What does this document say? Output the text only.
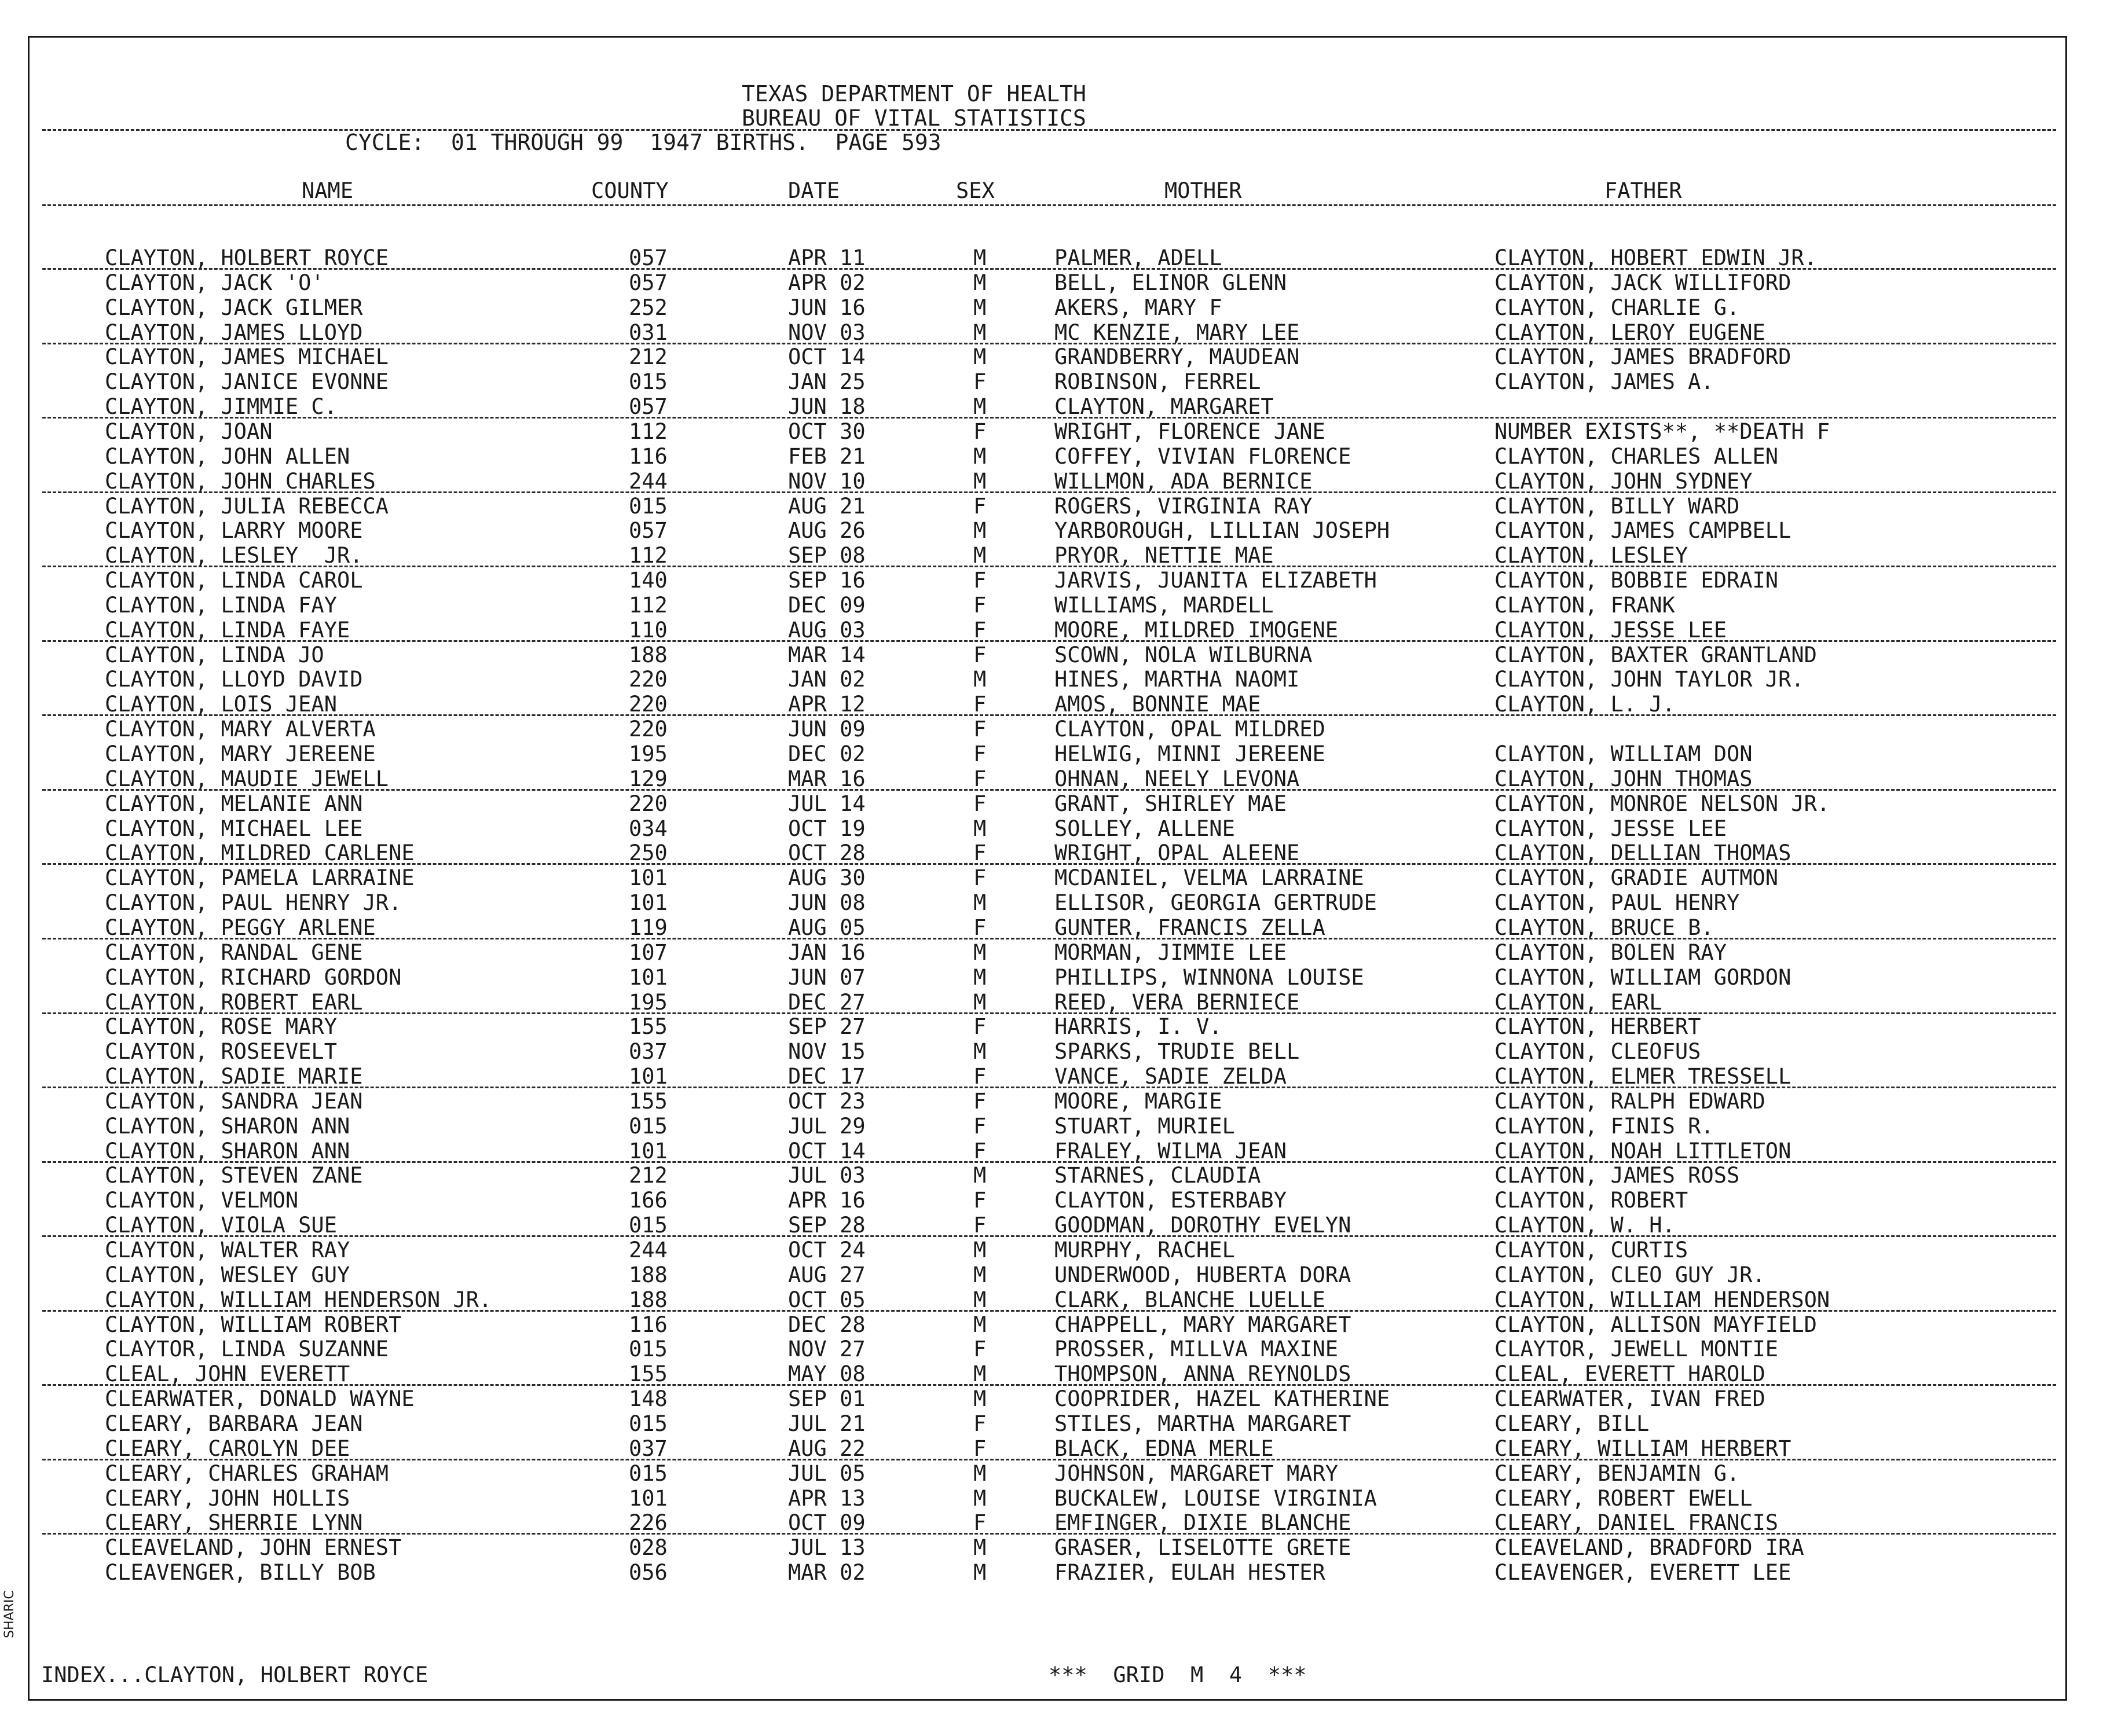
TEXAS DEPARTMENT OF HEALTH
BUREAU OF VITAL STATISTICS
CYCLE:  01 THROUGH 99  1947 BIRTHS.  PAGE 593
NAME	COUNTY	DATE	SEX	MOTHER	FATHER
CLAYTON, HOLBERT ROYCE	057	APR 11	M	PALMER, ADELL	CLAYTON, HOBERT EDWIN JR.
CLAYTON, JACK 'O'	057	APR 02	M	BELL, ELINOR GLENN	CLAYTON, JACK WILLIFORD
CLAYTON, JACK GILMER	252	JUN 16	M	AKERS, MARY F	CLAYTON, CHARLIE G.
CLAYTON, JAMES LLOYD	031	NOV 03	M	MC KENZIE, MARY LEE	CLAYTON, LEROY EUGENE
CLAYTON, JAMES MICHAEL	212	OCT 14	M	GRANDBERRY, MAUDEAN	CLAYTON, JAMES BRADFORD
CLAYTON, JANICE EVONNE	015	JAN 25	F	ROBINSON, FERREL	CLAYTON, JAMES A.
CLAYTON, JIMMIE C.	057	JUN 18	M	CLAYTON, MARGARET
CLAYTON, JOAN	112	OCT 30	F	WRIGHT, FLORENCE JANE	NUMBER EXISTS**, **DEATH F
CLAYTON, JOHN ALLEN	116	FEB 21	M	COFFEY, VIVIAN FLORENCE	CLAYTON, CHARLES ALLEN
CLAYTON, JOHN CHARLES	244	NOV 10	M	WILLMON, ADA BERNICE	CLAYTON, JOHN SYDNEY
CLAYTON, JULIA REBECCA	015	AUG 21	F	ROGERS, VIRGINIA RAY	CLAYTON, BILLY WARD
CLAYTON, LARRY MOORE	057	AUG 26	M	YARBOROUGH, LILLIAN JOSEPH	CLAYTON, JAMES CAMPBELL
CLAYTON, LESLEY  JR.	112	SEP 08	M	PRYOR, NETTIE MAE	CLAYTON, LESLEY
CLAYTON, LINDA CAROL	140	SEP 16	F	JARVIS, JUANITA ELIZABETH	CLAYTON, BOBBIE EDRAIN
CLAYTON, LINDA FAY	112	DEC 09	F	WILLIAMS, MARDELL	CLAYTON, FRANK
CLAYTON, LINDA FAYE	110	AUG 03	F	MOORE, MILDRED IMOGENE	CLAYTON, JESSE LEE
CLAYTON, LINDA JO	188	MAR 14	F	SCOWN, NOLA WILBURNA	CLAYTON, BAXTER GRANTLAND
CLAYTON, LLOYD DAVID	220	JAN 02	M	HINES, MARTHA NAOMI	CLAYTON, JOHN TAYLOR JR.
CLAYTON, LOIS JEAN	220	APR 12	F	AMOS, BONNIE MAE	CLAYTON, L. J.
CLAYTON, MARY ALVERTA	220	JUN 09	F	CLAYTON, OPAL MILDRED
CLAYTON, MARY JEREENE	195	DEC 02	F	HELWIG, MINNI JEREENE	CLAYTON, WILLIAM DON
CLAYTON, MAUDIE JEWELL	129	MAR 16	F	OHNAN, NEELY LEVONA	CLAYTON, JOHN THOMAS
CLAYTON, MELANIE ANN	220	JUL 14	F	GRANT, SHIRLEY MAE	CLAYTON, MONROE NELSON JR.
CLAYTON, MICHAEL LEE	034	OCT 19	M	SOLLEY, ALLENE	CLAYTON, JESSE LEE
CLAYTON, MILDRED CARLENE	250	OCT 28	F	WRIGHT, OPAL ALEENE	CLAYTON, DELLIAN THOMAS
CLAYTON, PAMELA LARRAINE	101	AUG 30	F	MCDANIEL, VELMA LARRAINE	CLAYTON, GRADIE AUTMON
CLAYTON, PAUL HENRY JR.	101	JUN 08	M	ELLISOR, GEORGIA GERTRUDE	CLAYTON, PAUL HENRY
CLAYTON, PEGGY ARLENE	119	AUG 05	F	GUNTER, FRANCIS ZELLA	CLAYTON, BRUCE B.
CLAYTON, RANDAL GENE	107	JAN 16	M	MORMAN, JIMMIE LEE	CLAYTON, BOLEN RAY
CLAYTON, RICHARD GORDON	101	JUN 07	M	PHILLIPS, WINNONA LOUISE	CLAYTON, WILLIAM GORDON
CLAYTON, ROBERT EARL	195	DEC 27	M	REED, VERA BERNIECE	CLAYTON, EARL
CLAYTON, ROSE MARY	155	SEP 27	F	HARRIS, I. V.	CLAYTON, HERBERT
CLAYTON, ROSEEVELT	037	NOV 15	M	SPARKS, TRUDIE BELL	CLAYTON, CLEOFUS
CLAYTON, SADIE MARIE	101	DEC 17	F	VANCE, SADIE ZELDA	CLAYTON, ELMER TRESSELL
CLAYTON, SANDRA JEAN	155	OCT 23	F	MOORE, MARGIE	CLAYTON, RALPH EDWARD
CLAYTON, SHARON ANN	015	JUL 29	F	STUART, MURIEL	CLAYTON, FINIS R.
CLAYTON, SHARON ANN	101	OCT 14	F	FRALEY, WILMA JEAN	CLAYTON, NOAH LITTLETON
CLAYTON, STEVEN ZANE	212	JUL 03	M	STARNES, CLAUDIA	CLAYTON, JAMES ROSS
CLAYTON, VELMON	166	APR 16	F	CLAYTON, ESTERBABY	CLAYTON, ROBERT
CLAYTON, VIOLA SUE	015	SEP 28	F	GOODMAN, DOROTHY EVELYN	CLAYTON, W. H.
CLAYTON, WALTER RAY	244	OCT 24	M	MURPHY, RACHEL	CLAYTON, CURTIS
CLAYTON, WESLEY GUY	188	AUG 27	M	UNDERWOOD, HUBERTA DORA	CLAYTON, CLEO GUY JR.
CLAYTON, WILLIAM HENDERSON JR.	188	OCT 05	M	CLARK, BLANCHE LUELLE	CLAYTON, WILLIAM HENDERSON
CLAYTON, WILLIAM ROBERT	116	DEC 28	M	CHAPPELL, MARY MARGARET	CLAYTON, ALLISON MAYFIELD
CLAYTOR, LINDA SUZANNE	015	NOV 27	F	PROSSER, MILLVA MAXINE	CLAYTOR, JEWELL MONTIE
CLEAL, JOHN EVERETT	155	MAY 08	M	THOMPSON, ANNA REYNOLDS	CLEAL, EVERETT HAROLD
CLEARWATER, DONALD WAYNE	148	SEP 01	M	COOPRIDER, HAZEL KATHERINE	CLEARWATER, IVAN FRED
CLEARY, BARBARA JEAN	015	JUL 21	F	STILES, MARTHA MARGARET	CLEARY, BILL
CLEARY, CAROLYN DEE	037	AUG 22	F	BLACK, EDNA MERLE	CLEARY, WILLIAM HERBERT
CLEARY, CHARLES GRAHAM	015	JUL 05	M	JOHNSON, MARGARET MARY	CLEARY, BENJAMIN G.
CLEARY, JOHN HOLLIS	101	APR 13	M	BUCKALEW, LOUISE VIRGINIA	CLEARY, ROBERT EWELL
CLEARY, SHERRIE LYNN	226	OCT 09	F	EMFINGER, DIXIE BLANCHE	CLEARY, DANIEL FRANCIS
CLEAVELAND, JOHN ERNEST	028	JUL 13	M	GRASER, LISELOTTE GRETE	CLEAVELAND, BRADFORD IRA
CLEAVENGER, BILLY BOB	056	MAR 02	M	FRAZIER, EULAH HESTER	CLEAVENGER, EVERETT LEE
INDEX...CLAYTON, HOLBERT ROYCE	***  GRID  M  4  ***
SHARIC
